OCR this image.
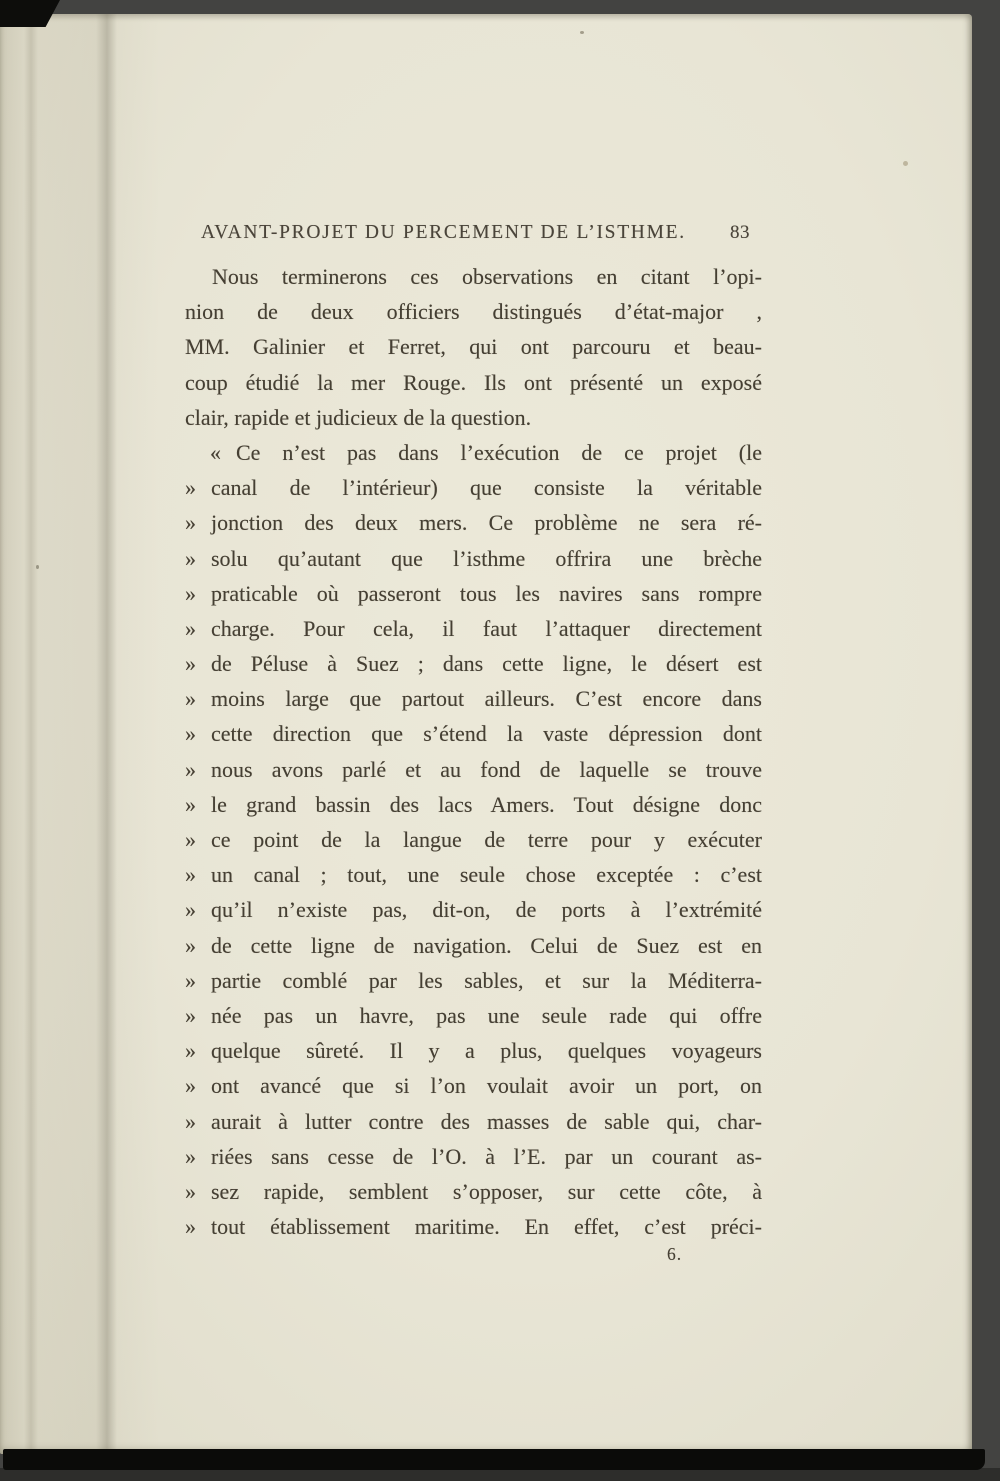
AVANT-PROJET DU PERCEMENT DE L’ISTHME. 83
Nous terminerons ces observations en citant l’opi-
nion de deux officiers distingués d’état-major ,
MM. Galinier et Ferret, qui ont parcouru et beau-
coup étudié la mer Rouge. Ils ont présenté un exposé
clair, rapide et judicieux de la question.
« Ce n’est pas dans l’exécution de ce projet (le
» canal de l’intérieur) que consiste la véritable
» jonction des deux mers. Ce problème ne sera ré-
» solu qu’autant que l’isthme offrira une brèche
» praticable où passeront tous les navires sans rompre
» charge. Pour cela, il faut l’attaquer directement
» de Péluse à Suez ; dans cette ligne, le désert est
» moins large que partout ailleurs. C’est encore dans
» cette direction que s’étend la vaste dépression dont
» nous avons parlé et au fond de laquelle se trouve
» le grand bassin des lacs Amers. Tout désigne donc
» ce point de la langue de terre pour y exécuter
» un canal ; tout, une seule chose exceptée : c’est
» qu’il n’existe pas, dit-on, de ports à l’extrémité
» de cette ligne de navigation. Celui de Suez est en
» partie comblé par les sables, et sur la Méditerra-
» née pas un havre, pas une seule rade qui offre
» quelque sûreté. Il y a plus, quelques voyageurs
» ont avancé que si l’on voulait avoir un port, on
» aurait à lutter contre des masses de sable qui, char-
» riées sans cesse de l’O. à l’E. par un courant as-
» sez rapide, semblent s’opposer, sur cette côte, à
» tout établissement maritime. En effet, c’est préci-
6.
